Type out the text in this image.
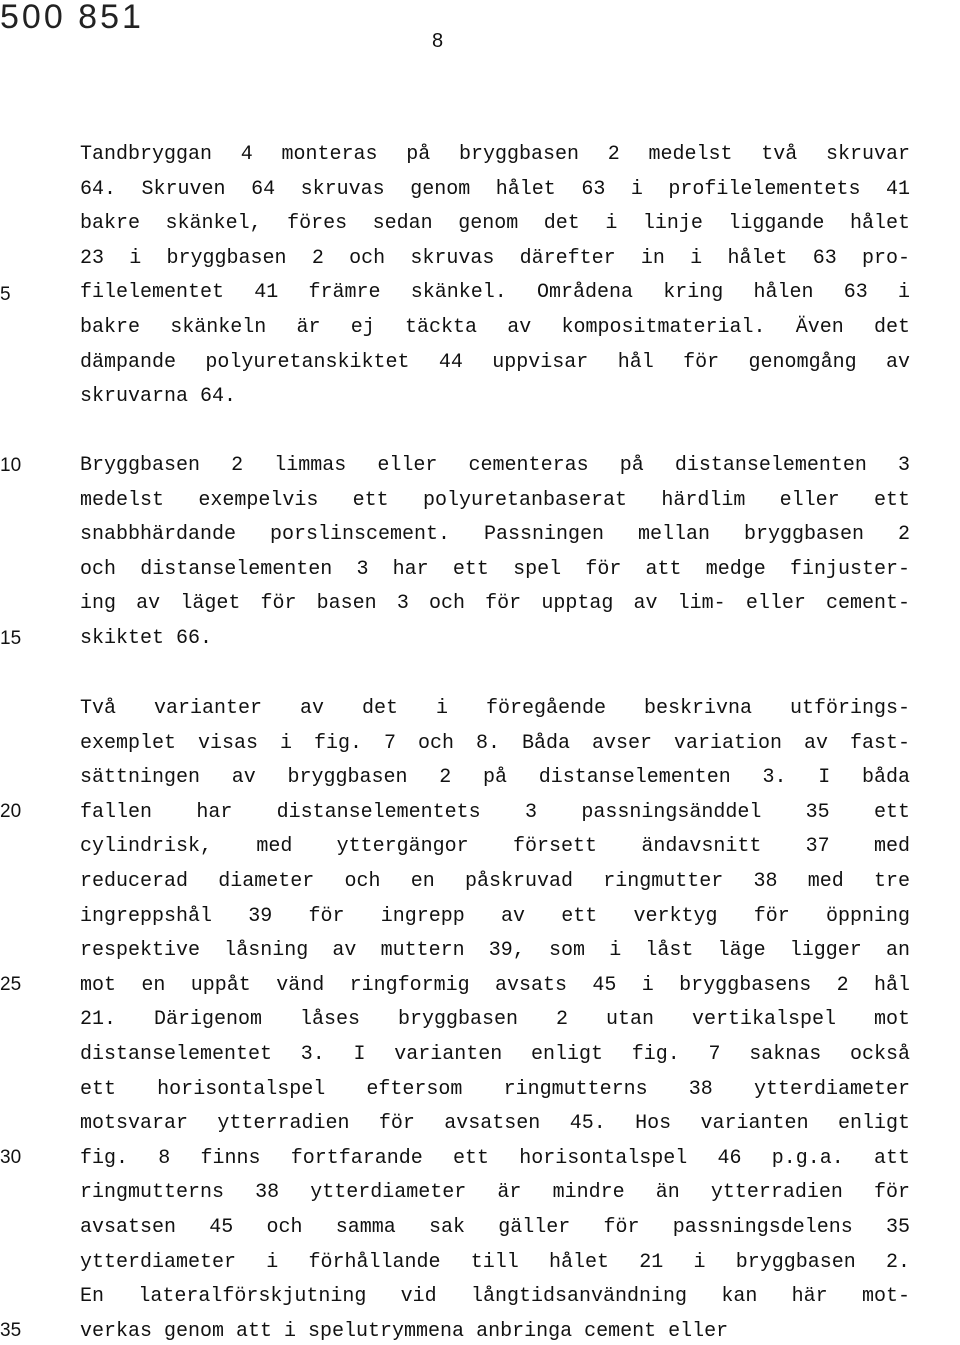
500 851
8
Tandbryggan 4 monteras på bryggbasen 2 medelst två skruvar
64. Skruven 64 skruvas genom hålet 63 i profilelementets 41
bakre skänkel, föres sedan genom det i linje liggande hålet
23 i bryggbasen 2 och skruvas därefter in i hålet 63 pro-
filelementet 41 främre skänkel. Områdena kring hålen 63 i
bakre skänkeln är ej täckta av kompositmaterial. Även det
dämpande polyuretanskiktet 44 uppvisar hål för genomgång av
skruvarna 64.
Bryggbasen 2 limmas eller cementeras på distanselementen 3
medelst exempelvis ett polyuretanbaserat härdlim eller ett
snabbhärdande porslinscement. Passningen mellan bryggbasen 2
och distanselementen 3 har ett spel för att medge finjuster-
ing av läget för basen 3 och för upptag av lim- eller cement-
skiktet 66.
Två varianter av det i föregående beskrivna utförings-
exemplet visas i fig. 7 och 8. Båda avser variation av fast-
sättningen av bryggbasen 2 på distanselementen 3. I båda
fallen har distanselementets 3 passningsänddel 35 ett
cylindrisk, med yttergängor försett ändavsnitt 37 med
reducerad diameter och en påskruvad ringmutter 38 med tre
ingreppshål 39 för ingrepp av ett verktyg för öppning
respektive låsning av muttern 39, som i låst läge ligger an
mot en uppåt vänd ringformig avsats 45 i bryggbasens 2 hål
21. Därigenom låses bryggbasen 2 utan vertikalspel mot
distanselementet 3. I varianten enligt fig. 7 saknas också
ett horisontalspel eftersom ringmutterns 38 ytterdiameter
motsvarar ytterradien för avsatsen 45. Hos varianten enligt
fig. 8 finns fortfarande ett horisontalspel 46 p.g.a. att
ringmutterns 38 ytterdiameter är mindre än ytterradien för
avsatsen 45 och samma sak gäller för passningsdelens 35
ytterdiameter i förhållande till hålet 21 i bryggbasen 2.
En lateralförskjutning vid långtidsanvändning kan här mot-
verkas genom att i spelutrymmena anbringa cement eller
5
10
15
20
25
30
35
